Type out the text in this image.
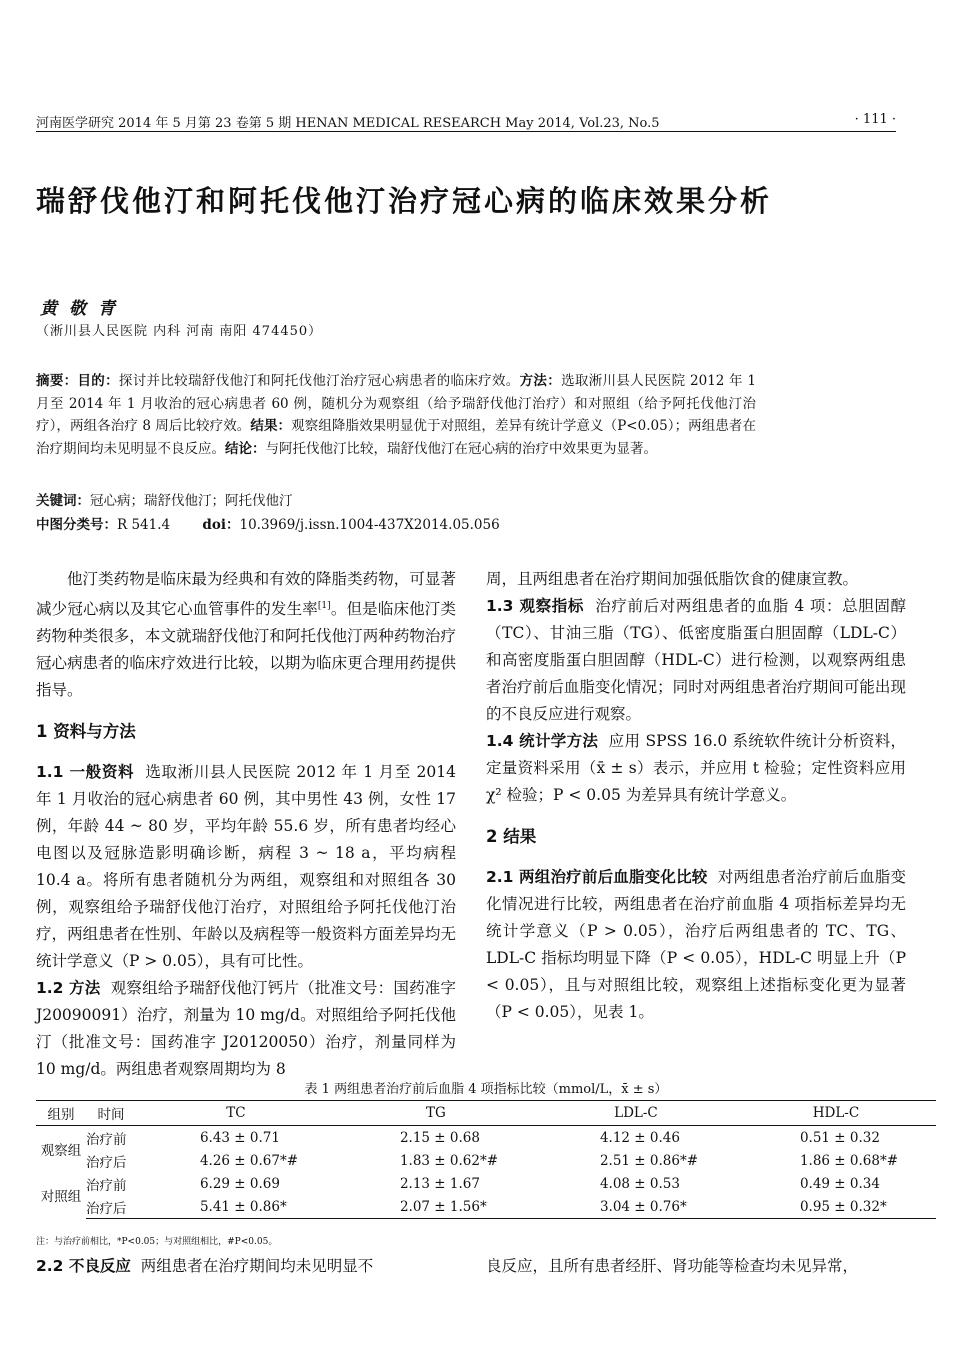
河南医学研究 2014 年 5 月第 23 卷第 5 期 HENAN MEDICAL RESEARCH May 2014, Vol.23, No.5	· 111 ·
瑞舒伐他汀和阿托伐他汀治疗冠心病的临床效果分析
黄 敬 青
（淅川县人民医院 内科 河南 南阳 474450）
摘要：目的：探讨并比较瑞舒伐他汀和阿托伐他汀治疗冠心病患者的临床疗效。方法：选取淅川县人民医院 2012 年 1 月至 2014 年 1 月收治的冠心病患者 60 例，随机分为观察组（给予瑞舒伐他汀治疗）和对照组（给予阿托伐他汀治疗），两组各治疗 8 周后比较疗效。结果：观察组降脂效果明显优于对照组，差异有统计学意义（P<0.05）；两组患者在治疗期间均未见明显不良反应。结论：与阿托伐他汀比较，瑞舒伐他汀在冠心病的治疗中效果更为显著。
关键词：冠心病；瑞舒伐他汀；阿托伐他汀
中图分类号：R 541.4 doi：10.3969/j.issn.1004-437X2014.05.056

他汀类药物是临床最为经典和有效的降脂类药物，可显著减少冠心病以及其它心血管事件的发生率[1]。但是临床他汀类药物种类很多，本文就瑞舒伐他汀和阿托伐他汀两种药物治疗冠心病患者的临床疗效进行比较，以期为临床更合理用药提供指导。

1 资料与方法

1.1 一般资料 选取淅川县人民医院 2012 年 1 月至 2014 年 1 月收治的冠心病患者 60 例，其中男性 43 例，女性 17 例，年龄 44 ~ 80 岁，平均年龄 55.6 岁，所有患者均经心电图以及冠脉造影明确诊断，病程 3 ~ 18 a，平均病程 10.4 a。将所有患者随机分为两组，观察组和对照组各 30 例，观察组给予瑞舒伐他汀治疗，对照组给予阿托伐他汀治疗，两组患者在性别、年龄以及病程等一般资料方面差异均无统计学意义（P > 0.05），具有可比性。

1.2 方法 观察组给予瑞舒伐他汀钙片（批准文号：国药准字 J20090091）治疗，剂量为 10 mg/d。对照组给予阿托伐他汀（批准文号：国药准字 J20120050）治疗，剂量同样为 10 mg/d。两组患者观察周期均为 8

周，且两组患者在治疗期间加强低脂饮食的健康宣教。

1.3 观察指标 治疗前后对两组患者的血脂 4 项：总胆固醇（TC）、甘油三脂（TG）、低密度脂蛋白胆固醇（LDL-C）和高密度脂蛋白胆固醇（HDL-C）进行检测，以观察两组患者治疗前后血脂变化情况；同时对两组患者治疗期间可能出现的不良反应进行观察。

1.4 统计学方法 应用 SPSS 16.0 系统软件统计分析资料，定量资料采用（x̄ ± s）表示，并应用 t 检验；定性资料应用 χ² 检验；P < 0.05 为差异具有统计学意义。

2 结果

2.1 两组治疗前后血脂变化比较 对两组患者治疗前后血脂变化情况进行比较，两组患者在治疗前血脂 4 项指标差异均无统计学意义（P > 0.05），治疗后两组患者的 TC、TG、LDL-C 指标均明显下降（P < 0.05），HDL-C 明显上升（P < 0.05），且与对照组比较，观察组上述指标变化更为显著（P < 0.05），见表 1。

表 1 两组患者治疗前后血脂 4 项指标比较（mmol/L，x̄ ± s）
组别	时间	TC	TG	LDL-C	HDL-C
观察组	治疗前	6.43 ± 0.71	2.15 ± 0.68	4.12 ± 0.46	0.51 ± 0.32
	治疗后	4.26 ± 0.67*#	1.83 ± 0.62*#	2.51 ± 0.86*#	1.86 ± 0.68*#
对照组	治疗前	6.29 ± 0.69	2.13 ± 1.67	4.08 ± 0.53	0.49 ± 0.34
	治疗后	5.41 ± 0.86*	2.07 ± 1.56*	3.04 ± 0.76*	0.95 ± 0.32*
注：与治疗前相比，*P<0.05；与对照组相比，#P<0.05。
2.2 不良反应 两组患者在治疗期间均未见明显不	良反应，且所有患者经肝、肾功能等检查均未见异常，
